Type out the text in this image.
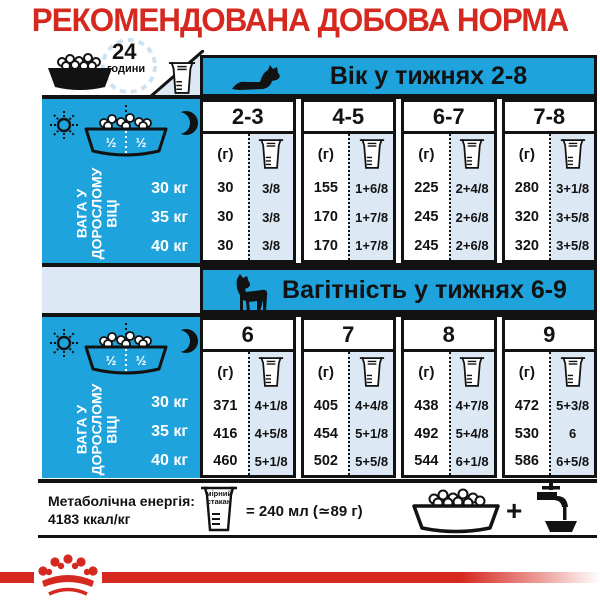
РЕКОМЕНДОВАНА ДОБОВА НОРМА
24
години	Вік у тижнях 2-8
½ ½
ВАГА У ДОРОСЛОМУ ВІЦІ
30 кг
35 кг
40 кг
2-3
(г)
30
30
30
3/8
3/8
3/8
4-5
(г)
155
170
170
1+6/8
1+7/8
1+7/8
6-7
(г)
225
245
245
2+4/8
2+6/8
2+6/8
7-8
(г)
280
320
320
3+1/8
3+5/8
3+5/8
Вагітність у тижнях 6-9
½ ½
ВАГА У ДОРОСЛОМУ ВІЦІ
30 кг
35 кг
40 кг
6
(г)
371
416
460
4+1/8
4+5/8
5+1/8
7
(г)
405
454
502
4+4/8
5+1/8
5+5/8
8
(г)
438
492
544
4+7/8
5+4/8
6+1/8
9
(г)
472
530
586
5+3/8
6
6+5/8
Метаболічна енергія:
4183 ккал/кг
мірний
стакан
= 240 мл (≃89 г)	+
